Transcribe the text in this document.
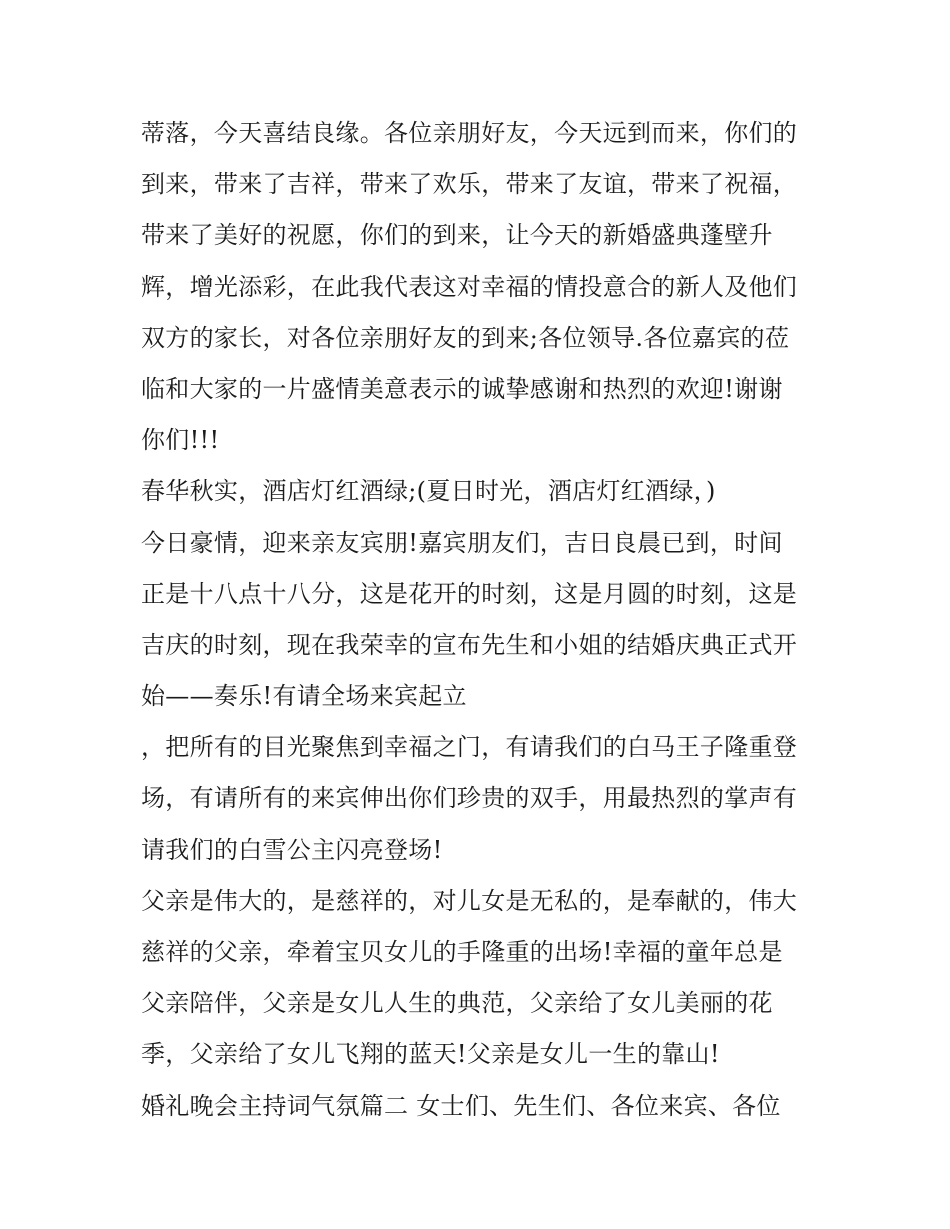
蒂落，今天喜结良缘。各位亲朋好友，今天远到而来，你们的
到来，带来了吉祥，带来了欢乐，带来了友谊，带来了祝福，
带来了美好的祝愿，你们的到来，让今天的新婚盛典蓬壁升
辉，增光添彩，在此我代表这对幸福的情投意合的新人及他们
双方的家长，对各位亲朋好友的到来;各位领导.各位嘉宾的莅
临和大家的一片盛情美意表示的诚挚感谢和热烈的欢迎!谢谢
你们!!!
春华秋实，酒店灯红酒绿;(夏日时光，酒店灯红酒绿，)
今日豪情，迎来亲友宾朋!嘉宾朋友们，吉日良晨已到，时间
正是十八点十八分，这是花开的时刻，这是月圆的时刻，这是
吉庆的时刻，现在我荣幸的宣布先生和小姐的结婚庆典正式开
始——奏乐!有请全场来宾起立
，把所有的目光聚焦到幸福之门，有请我们的白马王子隆重登
场，有请所有的来宾伸出你们珍贵的双手，用最热烈的掌声有
请我们的白雪公主闪亮登场!
父亲是伟大的，是慈祥的，对儿女是无私的，是奉献的，伟大
慈祥的父亲，牵着宝贝女儿的手隆重的出场!幸福的童年总是
父亲陪伴，父亲是女儿人生的典范，父亲给了女儿美丽的花
季，父亲给了女儿飞翔的蓝天!父亲是女儿一生的靠山!
婚礼晚会主持词气氛篇二 女士们、先生们、各位来宾、各位
